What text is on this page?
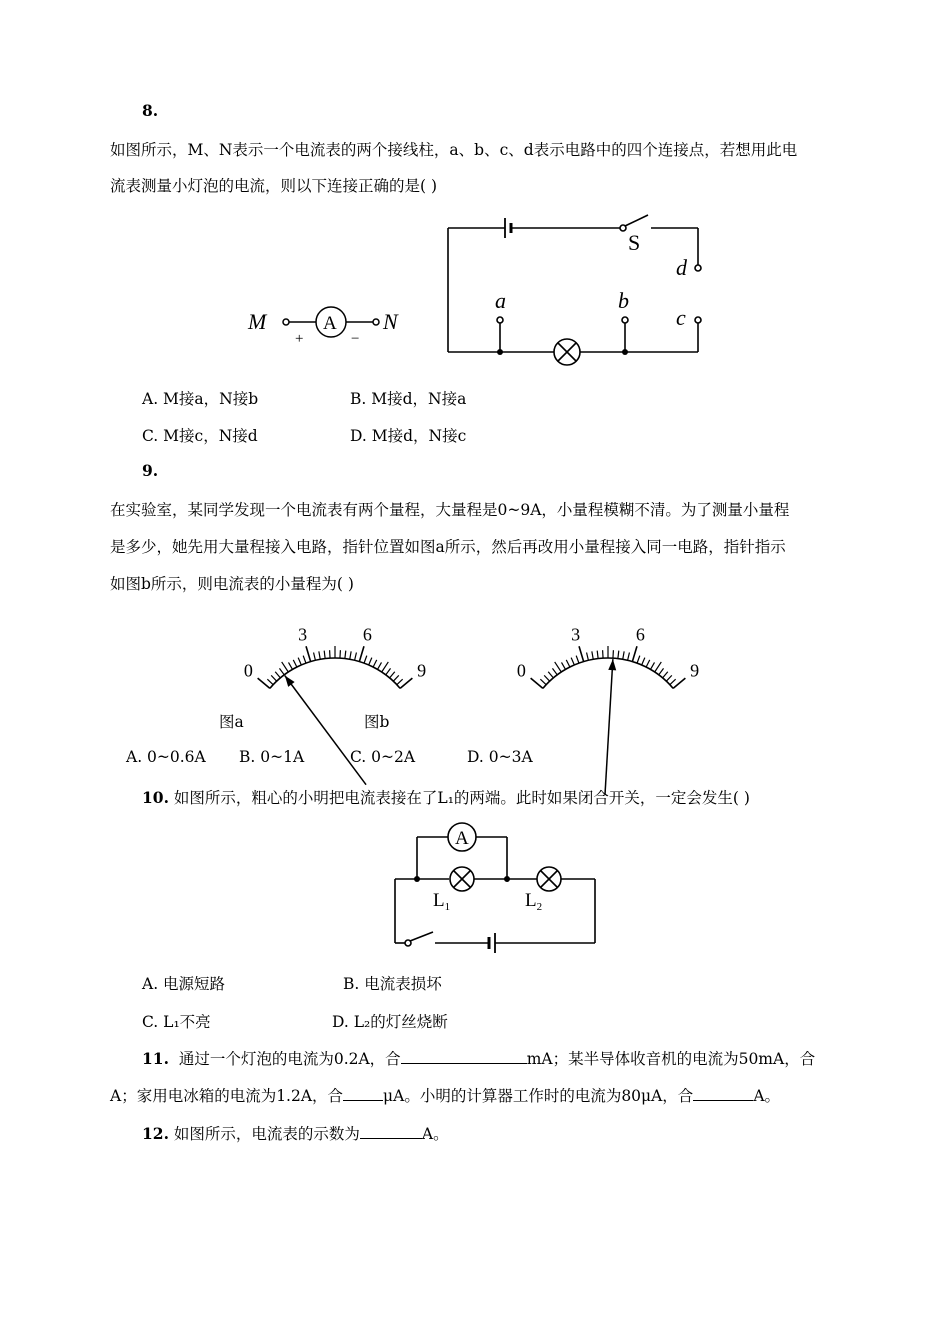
8.
如图所示，M、N表示一个电流表的两个接线柱，a、b、c、d表示电路中的四个连接点，若想用此电
流表测量小灯泡的电流，则以下连接正确的是( )
M	A N
+	−
S
d
a	b
c
A. M接a，N接b	B. M接d，N接a
C. M接c，N接d	D. M接d，N接c
9.
在实验室，某同学发现一个电流表有两个量程，大量程是0~9A，小量程模糊不清。为了测量小量程
是多少，她先用大量程接入电路，指针位置如图a所示，然后再改用小量程接入同一电路，指针指示
如图b所示，则电流表的小量程为( )
0
3	6
9	0
3	6
9
图a	图b
A. 0~0.6A B. 0~1A	C. 0~2A	D. 0~3A
10. 如图所示，粗心的小明把电流表接在了L₁的两端。此时如果闭合开关，一定会发生( )
A
$L_1$	$L_2$
A. 电源短路	B. 电流表损坏
C. L₁不亮	D. L₂的灯丝烧断
11. 通过一个灯泡的电流为0.2A，合	mA；某半导体收音机的电流为50mA，合
A；家用电冰箱的电流为1.2A，合	μA。小明的计算器工作时的电流为80μA，合	A。
12. 如图所示，电流表的示数为	A。
